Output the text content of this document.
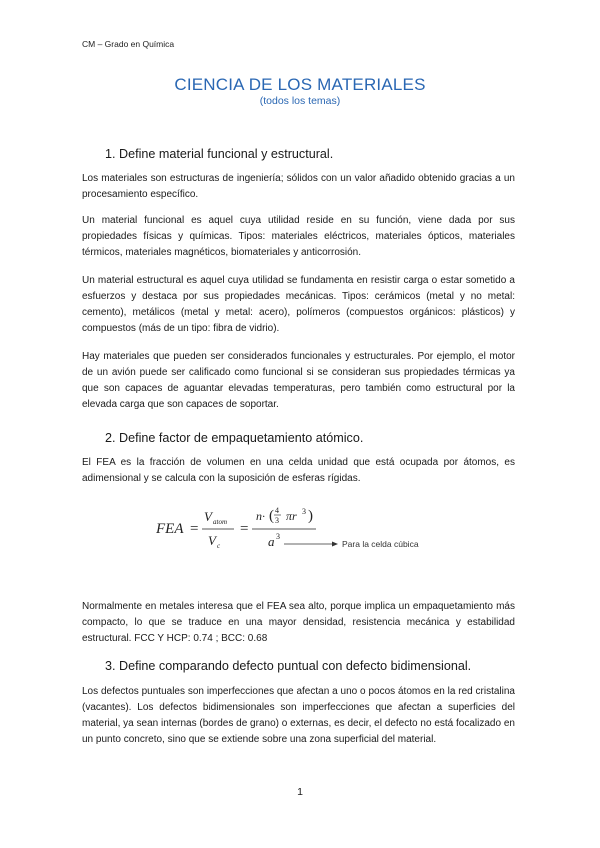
CM – Grado en Química
CIENCIA DE LOS MATERIALES
(todos los temas)
1. Define material funcional y estructural.
Los materiales son estructuras de ingeniería; sólidos con un valor añadido obtenido gracias a un procesamiento específico.
Un material funcional es aquel cuya utilidad reside en su función, viene dada por sus propiedades físicas y químicas. Tipos: materiales eléctricos, materiales ópticos, materiales térmicos, materiales magnéticos, biomateriales y anticorrosión.
Un material estructural es aquel cuya utilidad se fundamenta en resistir carga o estar sometido a esfuerzos y destaca por sus propiedades mecánicas. Tipos: cerámicos (metal y no metal: cemento), metálicos (metal y metal: acero), polímeros (compuestos orgánicos: plásticos) y compuestos (más de un tipo: fibra de vidrio).
Hay materiales que pueden ser considerados funcionales y estructurales. Por ejemplo, el motor de un avión puede ser calificado como funcional si se consideran sus propiedades térmicas ya que son capaces de aguantar elevadas temperaturas, pero también como estructural por la elevada carga que son capaces de soportar.
2. Define factor de empaquetamiento atómico.
El FEA es la fracción de volumen en una celda unidad que está ocupada por átomos, es adimensional y se calcula con la suposición de esferas rígidas.
FEA =
V atom
V c
=
n· ( 4
3 πr 3 )
a 3
Para la celda cúbica
Normalmente en metales interesa que el FEA sea alto, porque implica un empaquetamiento más compacto, lo que se traduce en una mayor densidad, resistencia mecánica y estabilidad estructural. FCC Y HCP: 0.74 ; BCC: 0.68
3. Define comparando defecto puntual con defecto bidimensional.
Los defectos puntuales son imperfecciones que afectan a uno o pocos átomos en la red cristalina (vacantes). Los defectos bidimensionales son imperfecciones que afectan a superficies del material, ya sean internas (bordes de grano) o externas, es decir, el defecto no está focalizado en un punto concreto, sino que se extiende sobre una zona superficial del material.
1
